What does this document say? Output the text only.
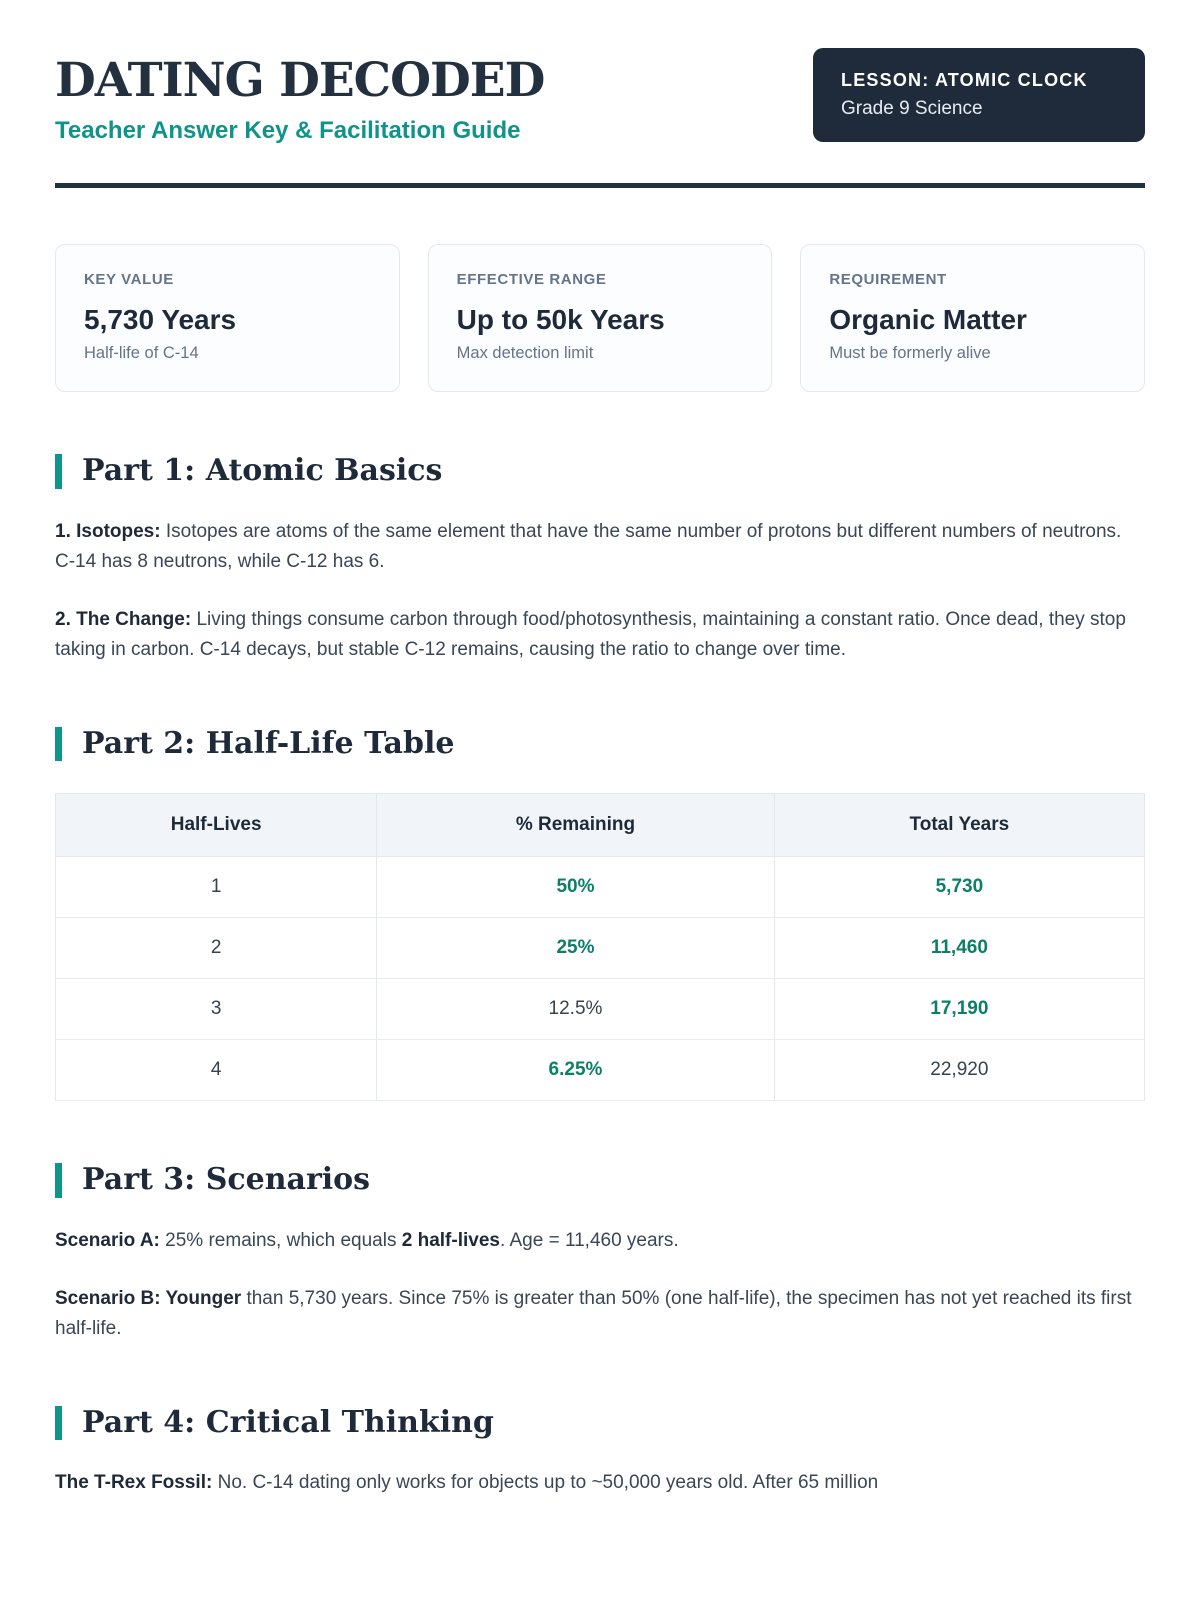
DATING DECODED
Teacher Answer Key & Facilitation Guide
LESSON: ATOMIC CLOCK
Grade 9 Science
KEY VALUE
5,730 Years
Half-life of C-14
EFFECTIVE RANGE
Up to 50k Years
Max detection limit
REQUIREMENT
Organic Matter
Must be formerly alive
Part 1: Atomic Basics

1. Isotopes: Isotopes are atoms of the same element that have the same number of protons but different numbers of neutrons. C-14 has 8 neutrons, while C-12 has 6.

2. The Change: Living things consume carbon through food/photosynthesis, maintaining a constant ratio. Once dead, they stop taking in carbon. C-14 decays, but stable C-12 remains, causing the ratio to change over time.

Part 2: Half-Life Table
Half-Lives	% Remaining	Total Years
1	50%	5,730
2	25%	11,460
3	12.5%	17,190
4	6.25%	22,920
Part 3: Scenarios

Scenario A: 25% remains, which equals 2 half-lives. Age = 11,460 years.

Scenario B: Younger than 5,730 years. Since 75% is greater than 50% (one half-life), the specimen has not yet reached its first half-life.

Part 4: Critical Thinking

The T-Rex Fossil: No. C-14 dating only works for objects up to ~50,000 years old. After 65 million
